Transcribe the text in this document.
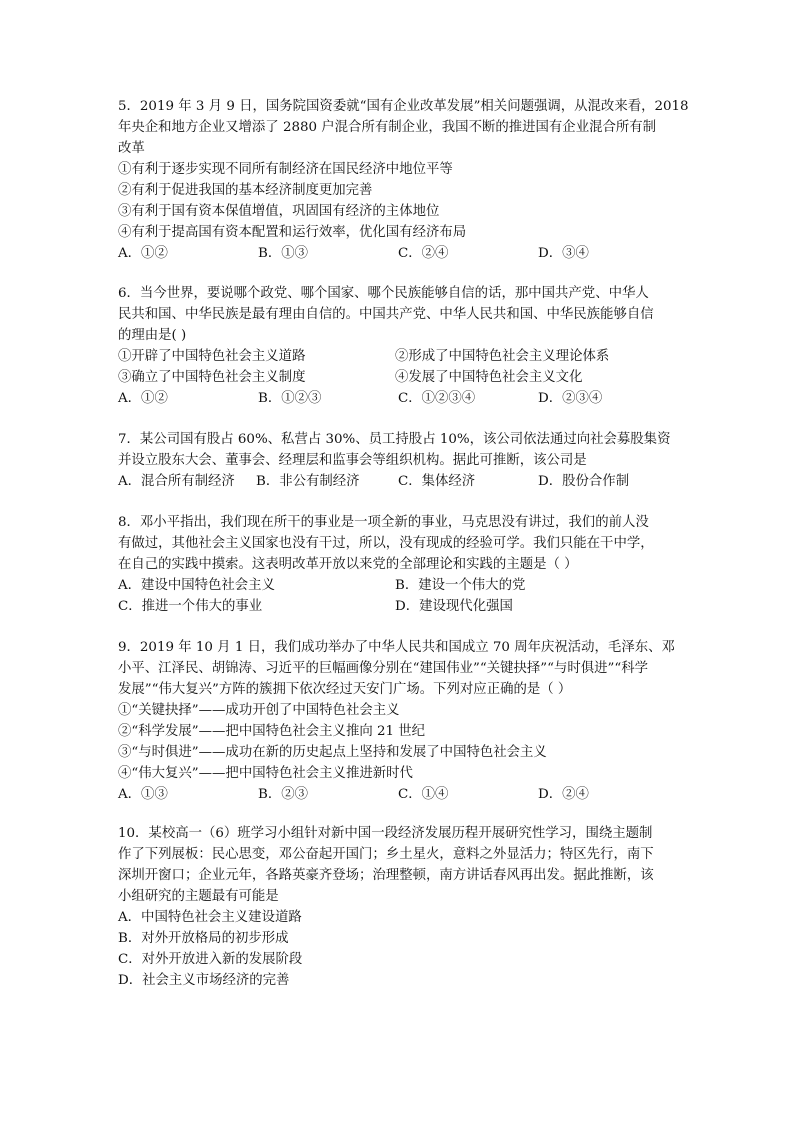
5．2019 年 3 月 9 日，国务院国资委就“国有企业改革发展”相关问题强调，从混改来看，2018
年央企和地方企业又增添了 2880 户混合所有制企业，我国不断的推进国有企业混合所有制
改革
①有利于逐步实现不同所有制经济在国民经济中地位平等
②有利于促进我国的基本经济制度更加完善
③有利于国有资本保值增值，巩固国有经济的主体地位
④有利于提高国有资本配置和运行效率，优化国有经济布局
A．①②	B．①③	C．②④	D．③④
6．当今世界，要说哪个政党、哪个国家、哪个民族能够自信的话，那中国共产党、中华人
民共和国、中华民族是最有理由自信的。中国共产党、中华人民共和国、中华民族能够自信
的理由是( )
①开辟了中国特色社会主义道路	②形成了中国特色社会主义理论体系
③确立了中国特色社会主义制度	④发展了中国特色社会主义文化
A．①②	B．①②③	C．①②③④	D．②③④
7．某公司国有股占 60%、私营占 30%、员工持股占 10%，该公司依法通过向社会募股集资
并设立股东大会、董事会、经理层和监事会等组织机构。据此可推断，该公司是
A．混合所有制经济	B．非公有制经济	C．集体经济	D．股份合作制
8．邓小平指出，我们现在所干的事业是一项全新的事业，马克思没有讲过，我们的前人没
有做过，其他社会主义国家也没有干过，所以，没有现成的经验可学。我们只能在干中学，
在自己的实践中摸索。这表明改革开放以来党的全部理论和实践的主题是（ ）
A．建设中国特色社会主义	B．建设一个伟大的党
C．推进一个伟大的事业	D．建设现代化强国
9．2019 年 10 月 1 日，我们成功举办了中华人民共和国成立 70 周年庆祝活动，毛泽东、邓
小平、江泽民、胡锦涛、习近平的巨幅画像分别在“建国伟业”“关键抉择”“与时俱进”“科学
发展”“伟大复兴”方阵的簇拥下依次经过天安门广场。下列对应正确的是（ ）
①“关键抉择”——成功开创了中国特色社会主义
②“科学发展”——把中国特色社会主义推向 21 世纪
③“与时俱进”——成功在新的历史起点上坚持和发展了中国特色社会主义
④“伟大复兴”——把中国特色社会主义推进新时代
A．①③	B．②③	C．①④	D．②④
10．某校高一（6）班学习小组针对新中国一段经济发展历程开展研究性学习，围绕主题制
作了下列展板：民心思变，邓公奋起开国门；乡土星火，意料之外显活力；特区先行，南下
深圳开窗口；企业元年，各路英豪齐登场；治理整顿，南方讲话春风再出发。据此推断，该
小组研究的主题最有可能是
A．中国特色社会主义建设道路
B．对外开放格局的初步形成
C．对外开放进入新的发展阶段
D．社会主义市场经济的完善
